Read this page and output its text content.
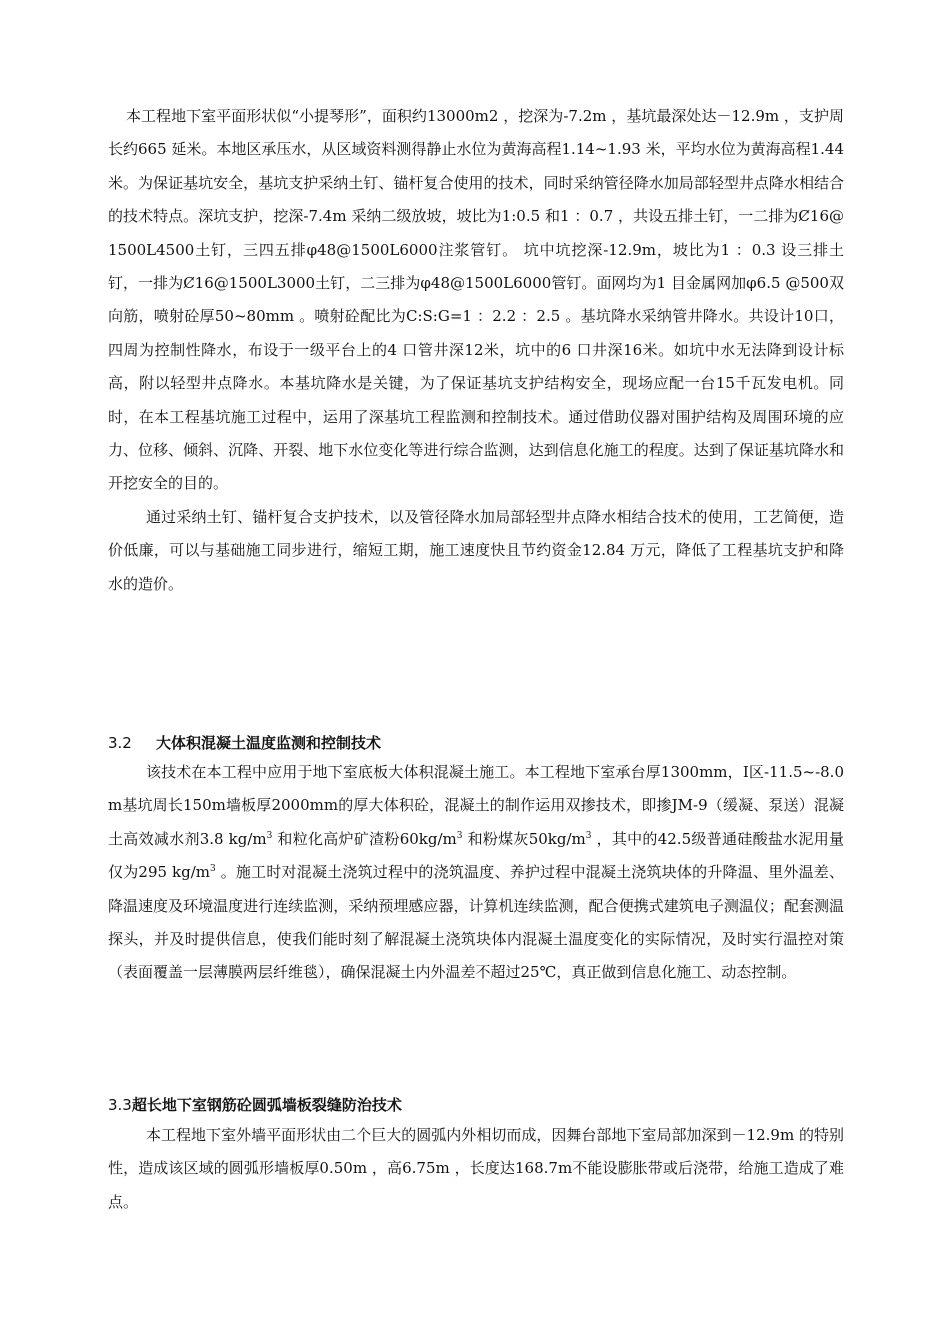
本工程地下室平面形状似“小提琴形”，面积约13000m2 ，挖深为-7.2m ，基坑最深处达－12.9m ，支护周长约665 延米。本地区承压水，从区域资料测得静止水位为黄海高程1.14~1.93 米，平均水位为黄海高程1.44米。为保证基坑安全，基坑支护采纳土钉、锚杆复合使用的技术，同时采纳管径降水加局部轻型井点降水相结合的技术特点。深坑支护，挖深-7.4m 采纳二级放坡，坡比为1:0.5 和1 ：0.7 ，共设五排土钉，一二排为Ȼ16@1500L4500土钉，三四五排φ48@1500L6000注浆管钉。 坑中坑挖深-12.9m，坡比为1 ：0.3 设三排土钉，一排为Ȼ16@1500L3000土钉，二三排为φ48@1500L6000管钉。面网均为1 目金属网加φ6.5 @500双向筋，喷射砼厚50~80mm 。喷射砼配比为C:S:G=1 ：2.2 ：2.5 。基坑降水采纳管井降水。共设计10口，四周为控制性降水，布设于一级平台上的4 口管井深12米，坑中的6 口井深16米。如坑中水无法降到设计标高，附以轻型井点降水。本基坑降水是关键，为了保证基坑支护结构安全，现场应配一台15千瓦发电机。同时，在本工程基坑施工过程中，运用了深基坑工程监测和控制技术。通过借助仪器对围护结构及周围环境的应力、位移、倾斜、沉降、开裂、地下水位变化等进行综合监测，达到信息化施工的程度。达到了保证基坑降水和开挖安全的目的。

通过采纳土钉、锚杆复合支护技术，以及管径降水加局部轻型井点降水相结合技术的使用，工艺简便，造价低廉，可以与基础施工同步进行，缩短工期，施工速度快且节约资金12.84 万元，降低了工程基坑支护和降水的造价。

3.2 大体积混凝土温度监测和控制技术

该技术在本工程中应用于地下室底板大体积混凝土施工。本工程地下室承台厚1300mm，Ⅰ区-11.5~-8.0m基坑周长150m墙板厚2000mm的厚大体积砼，混凝土的制作运用双掺技术，即掺JM-9（缓凝、泵送）混凝土高效减水剂3.8 $kg/m^3$ 和粒化高炉矿渣粉$60kg/m^3$ 和粉煤灰$50kg/m^3$ ，其中的42.5级普通硅酸盐水泥用量仅为295 $kg/m^3$ 。施工时对混凝土浇筑过程中的浇筑温度、养护过程中混凝土浇筑块体的升降温、里外温差、降温速度及环境温度进行连续监测，采纳预埋感应器，计算机连续监测，配合便携式建筑电子测温仪；配套测温探头，并及时提供信息，使我们能时刻了解混凝土浇筑块体内混凝土温度变化的实际情况，及时实行温控对策（表面覆盖一层薄膜两层纤维毯），确保混凝土内外温差不超过25℃，真正做到信息化施工、动态控制。

3.3超长地下室钢筋砼圆弧墙板裂缝防治技术

本工程地下室外墙平面形状由二个巨大的圆弧内外相切而成，因舞台部地下室局部加深到－12.9m 的特别性，造成该区域的圆弧形墙板厚0.50m ，高6.75m ，长度达168.7m不能设膨胀带或后浇带，给施工造成了难点。
